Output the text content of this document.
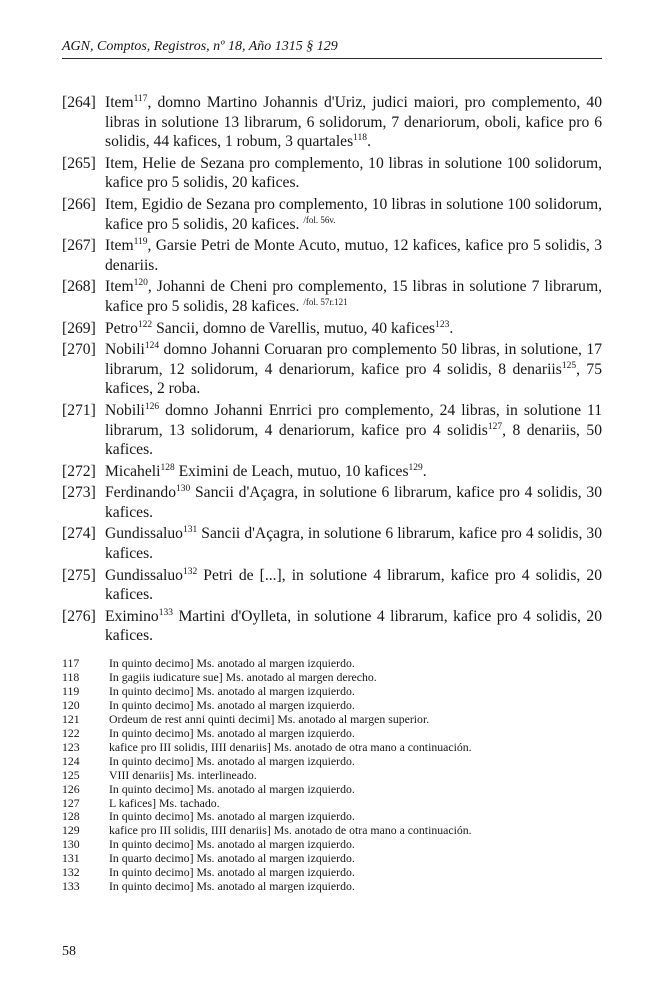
AGN, Comptos, Registros, nº 18, Año 1315 § 129
[264] Item$^{117}$, domno Martino Johannis d'Uriz, judici maiori, pro complemento, 40 libras in solutione 13 librarum, 6 solidorum, 7 denariorum, oboli, kafice pro 6 solidis, 44 kafices, 1 robum, 3 quartales$^{118}$.
[265] Item, Helie de Sezana pro complemento, 10 libras in solutione 100 solidorum, kafice pro 5 solidis, 20 kafices.
[266] Item, Egidio de Sezana pro complemento, 10 libras in solutione 100 solidorum, kafice pro 5 solidis, 20 kafices. $^{/fol. 56v.}$
[267] Item$^{119}$, Garsie Petri de Monte Acuto, mutuo, 12 kafices, kafice pro 5 solidis, 3 denariis.
[268] Item$^{120}$, Johanni de Cheni pro complemento, 15 libras in solutione 7 librarum, kafice pro 5 solidis, 28 kafices. $^{/fol. 57r.121}$
[269] Petro$^{122}$ Sancii, domno de Varellis, mutuo, 40 kafices$^{123}$.
[270] Nobili$^{124}$ domno Johanni Coruaran pro complemento 50 libras, in solutione, 17 librarum, 12 solidorum, 4 denariorum, kafice pro 4 solidis, 8 denariis$^{125}$, 75 kafices, 2 roba.
[271] Nobili$^{126}$ domno Johanni Enrrici pro complemento, 24 libras, in solutione 11 librarum, 13 solidorum, 4 denariorum, kafice pro 4 solidis$^{127}$, 8 denariis, 50 kafices.
[272] Micaheli$^{128}$ Eximini de Leach, mutuo, 10 kafices$^{129}$.
[273] Ferdinando$^{130}$ Sancii d'Açagra, in solutione 6 librarum, kafice pro 4 solidis, 30 kafices.
[274] Gundissaluo$^{131}$ Sancii d'Açagra, in solutione 6 librarum, kafice pro 4 solidis, 30 kafices.
[275] Gundissaluo$^{132}$ Petri de [...], in solutione 4 librarum, kafice pro 4 solidis, 20 kafices.
[276] Eximino$^{133}$ Martini d'Oylleta, in solutione 4 librarum, kafice pro 4 solidis, 20 kafices.
117	In quinto decimo] Ms. anotado al margen izquierdo.
118	In gagiis iudicature sue] Ms. anotado al margen derecho.
119	In quinto decimo] Ms. anotado al margen izquierdo.
120 In quinto decimo] Ms. anotado al margen izquierdo.
121 Ordeum de rest anni quinti decimi] Ms. anotado al margen superior.
122 In quinto decimo] Ms. anotado al margen izquierdo.
123 kafice pro III solidis, IIII denariis] Ms. anotado de otra mano a continuación.
124 In quinto decimo] Ms. anotado al margen izquierdo.
125 VIII denariis] Ms. interlineado.
126 In quinto decimo] Ms. anotado al margen izquierdo.
127 L kafices] Ms. tachado.
128 In quinto decimo] Ms. anotado al margen izquierdo.
129 kafice pro III solidis, IIII denariis] Ms. anotado de otra mano a continuación.
130 In quinto decimo] Ms. anotado al margen izquierdo.
131 In quarto decimo] Ms. anotado al margen izquierdo.
132 In quinto decimo] Ms. anotado al margen izquierdo.
133 In quinto decimo] Ms. anotado al margen izquierdo.
58
